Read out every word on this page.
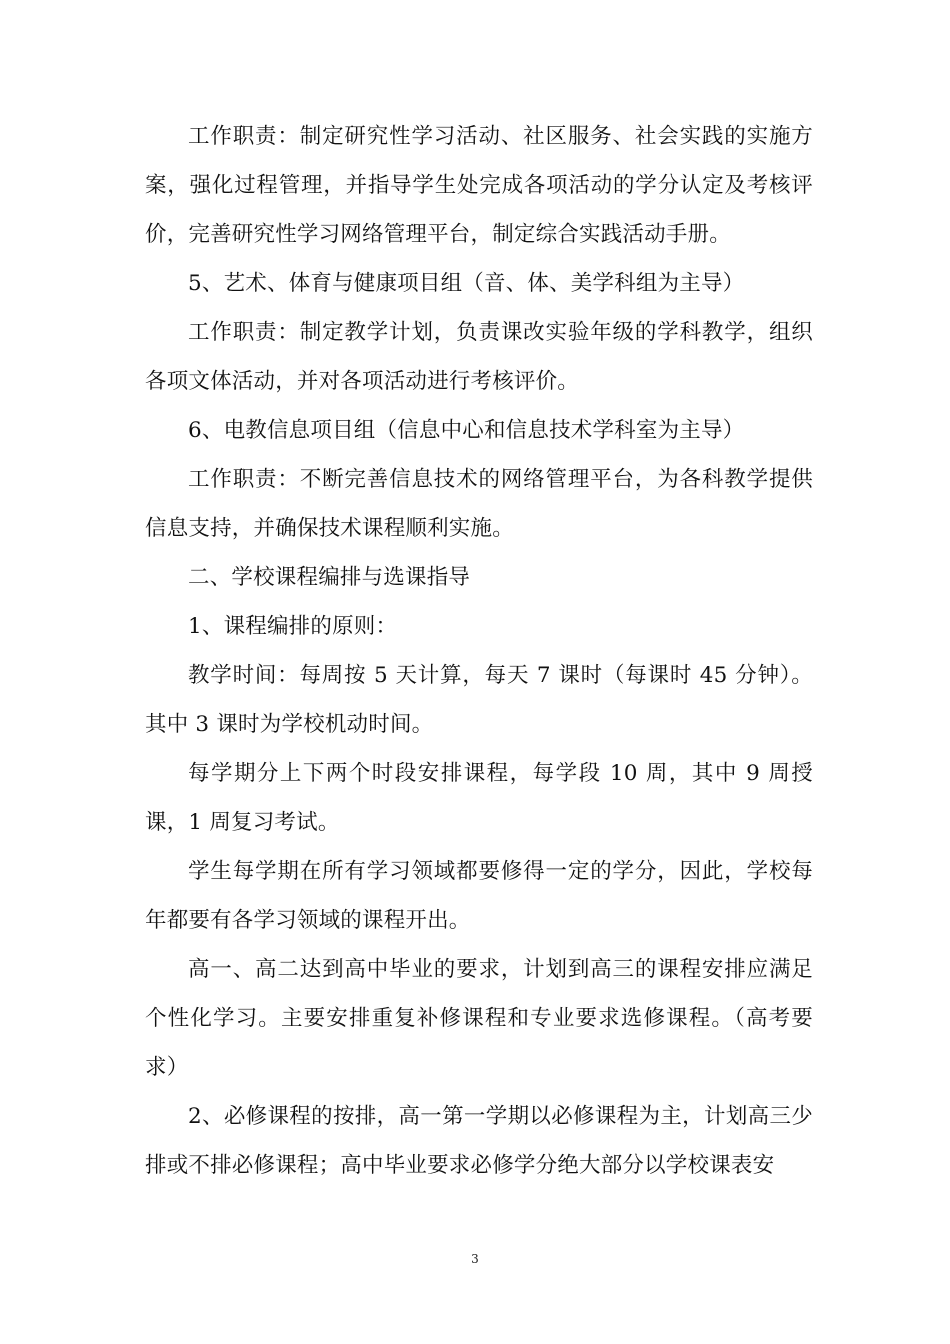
工作职责：制定研究性学习活动、社区服务、社会实践的实施方案，强化过程管理，并指导学生处完成各项活动的学分认定及考核评价，完善研究性学习网络管理平台，制定综合实践活动手册。

5、艺术、体育与健康项目组（音、体、美学科组为主导）

工作职责：制定教学计划，负责课改实验年级的学科教学，组织各项文体活动，并对各项活动进行考核评价。

6、电教信息项目组（信息中心和信息技术学科室为主导）

工作职责：不断完善信息技术的网络管理平台，为各科教学提供信息支持，并确保技术课程顺利实施。

二、学校课程编排与选课指导

1、课程编排的原则：

教学时间：每周按 5 天计算，每天 7 课时（每课时 45 分钟）。其中 3 课时为学校机动时间。

每学期分上下两个时段安排课程，每学段 10 周，其中 9 周授课，1 周复习考试。

学生每学期在所有学习领域都要修得一定的学分，因此，学校每年都要有各学习领域的课程开出。

高一、高二达到高中毕业的要求，计划到高三的课程安排应满足个性化学习。主要安排重复补修课程和专业要求选修课程。（高考要求）

2、必修课程的按排，高一第一学期以必修课程为主，计划高三少排或不排必修课程；高中毕业要求必修学分绝大部分以学校课表安

3
